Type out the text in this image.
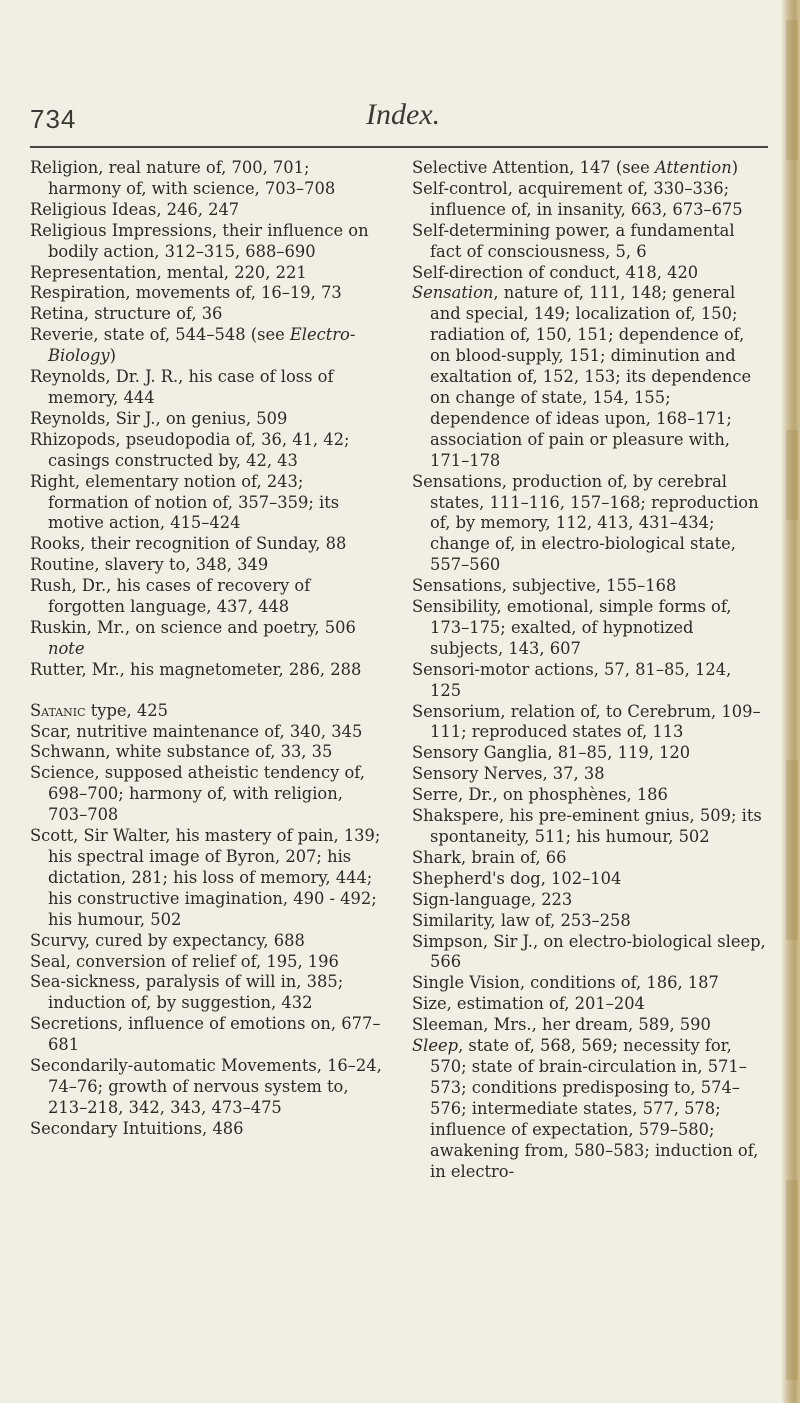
734	Index.

Religion, real nature of, 700, 701; harmony of, with science, 703–708

Religious Ideas, 246, 247

Religious Impressions, their influence on bodily action, 312–315, 688–690

Representation, mental, 220, 221

Respiration, movements of, 16–19, 73

Retina, structure of, 36

Reverie, state of, 544–548 (see Electro-Biology)

Reynolds, Dr. J. R., his case of loss of memory, 444

Reynolds, Sir J., on genius, 509

Rhizopods, pseudopodia of, 36, 41, 42; casings constructed by, 42, 43

Right, elementary notion of, 243; formation of notion of, 357–359; its motive action, 415–424

Rooks, their recognition of Sunday, 88

Routine, slavery to, 348, 349

Rush, Dr., his cases of recovery of forgotten language, 437, 448

Ruskin, Mr., on science and poetry, 506 note

Rutter, Mr., his magnetometer, 286, 288

Satanic type, 425

Scar, nutritive maintenance of, 340, 345

Schwann, white substance of, 33, 35

Science, supposed atheistic tendency of, 698–700; harmony of, with religion, 703–708

Scott, Sir Walter, his mastery of pain, 139; his spectral image of Byron, 207; his dictation, 281; his loss of memory, 444; his constructive imagination, 490 - 492; his humour, 502

Scurvy, cured by expectancy, 688

Seal, conversion of relief of, 195, 196

Sea-sickness, paralysis of will in, 385; induction of, by suggestion, 432

Secretions, influence of emotions on, 677–681

Secondarily-automatic Movements, 16–24, 74–76; growth of nervous system to, 213–218, 342, 343, 473–475

Secondary Intuitions, 486

Selective Attention, 147 (see Attention)

Self-control, acquirement of, 330–336; influence of, in insanity, 663, 673–675

Self-determining power, a fundamental fact of consciousness, 5, 6

Self-direction of conduct, 418, 420

Sensation, nature of, 111, 148; general and special, 149; localization of, 150; radiation of, 150, 151; dependence of, on blood-supply, 151; diminution and exaltation of, 152, 153; its dependence on change of state, 154, 155; dependence of ideas upon, 168–171; association of pain or pleasure with, 171–178

Sensations, production of, by cerebral states, 111–116, 157–168; reproduction of, by memory, 112, 413, 431–434; change of, in electro-biological state, 557–560

Sensations, subjective, 155–168

Sensibility, emotional, simple forms of, 173–175; exalted, of hypnotized subjects, 143, 607

Sensori-motor actions, 57, 81–85, 124, 125

Sensorium, relation of, to Cerebrum, 109–111; reproduced states of, 113

Sensory Ganglia, 81–85, 119, 120

Sensory Nerves, 37, 38

Serre, Dr., on phosphènes, 186

Shakspere, his pre-eminent gnius, 509; its spontaneity, 511; his humour, 502

Shark, brain of, 66

Shepherd's dog, 102–104

Sign-language, 223

Similarity, law of, 253–258

Simpson, Sir J., on electro-biological sleep, 566

Single Vision, conditions of, 186, 187

Size, estimation of, 201–204

Sleeman, Mrs., her dream, 589, 590

Sleep, state of, 568, 569; necessity for, 570; state of brain-circulation in, 571–573; conditions predisposing to, 574–576; intermediate states, 577, 578; influence of expectation, 579–580; awakening from, 580–583; induction of, in electro-
